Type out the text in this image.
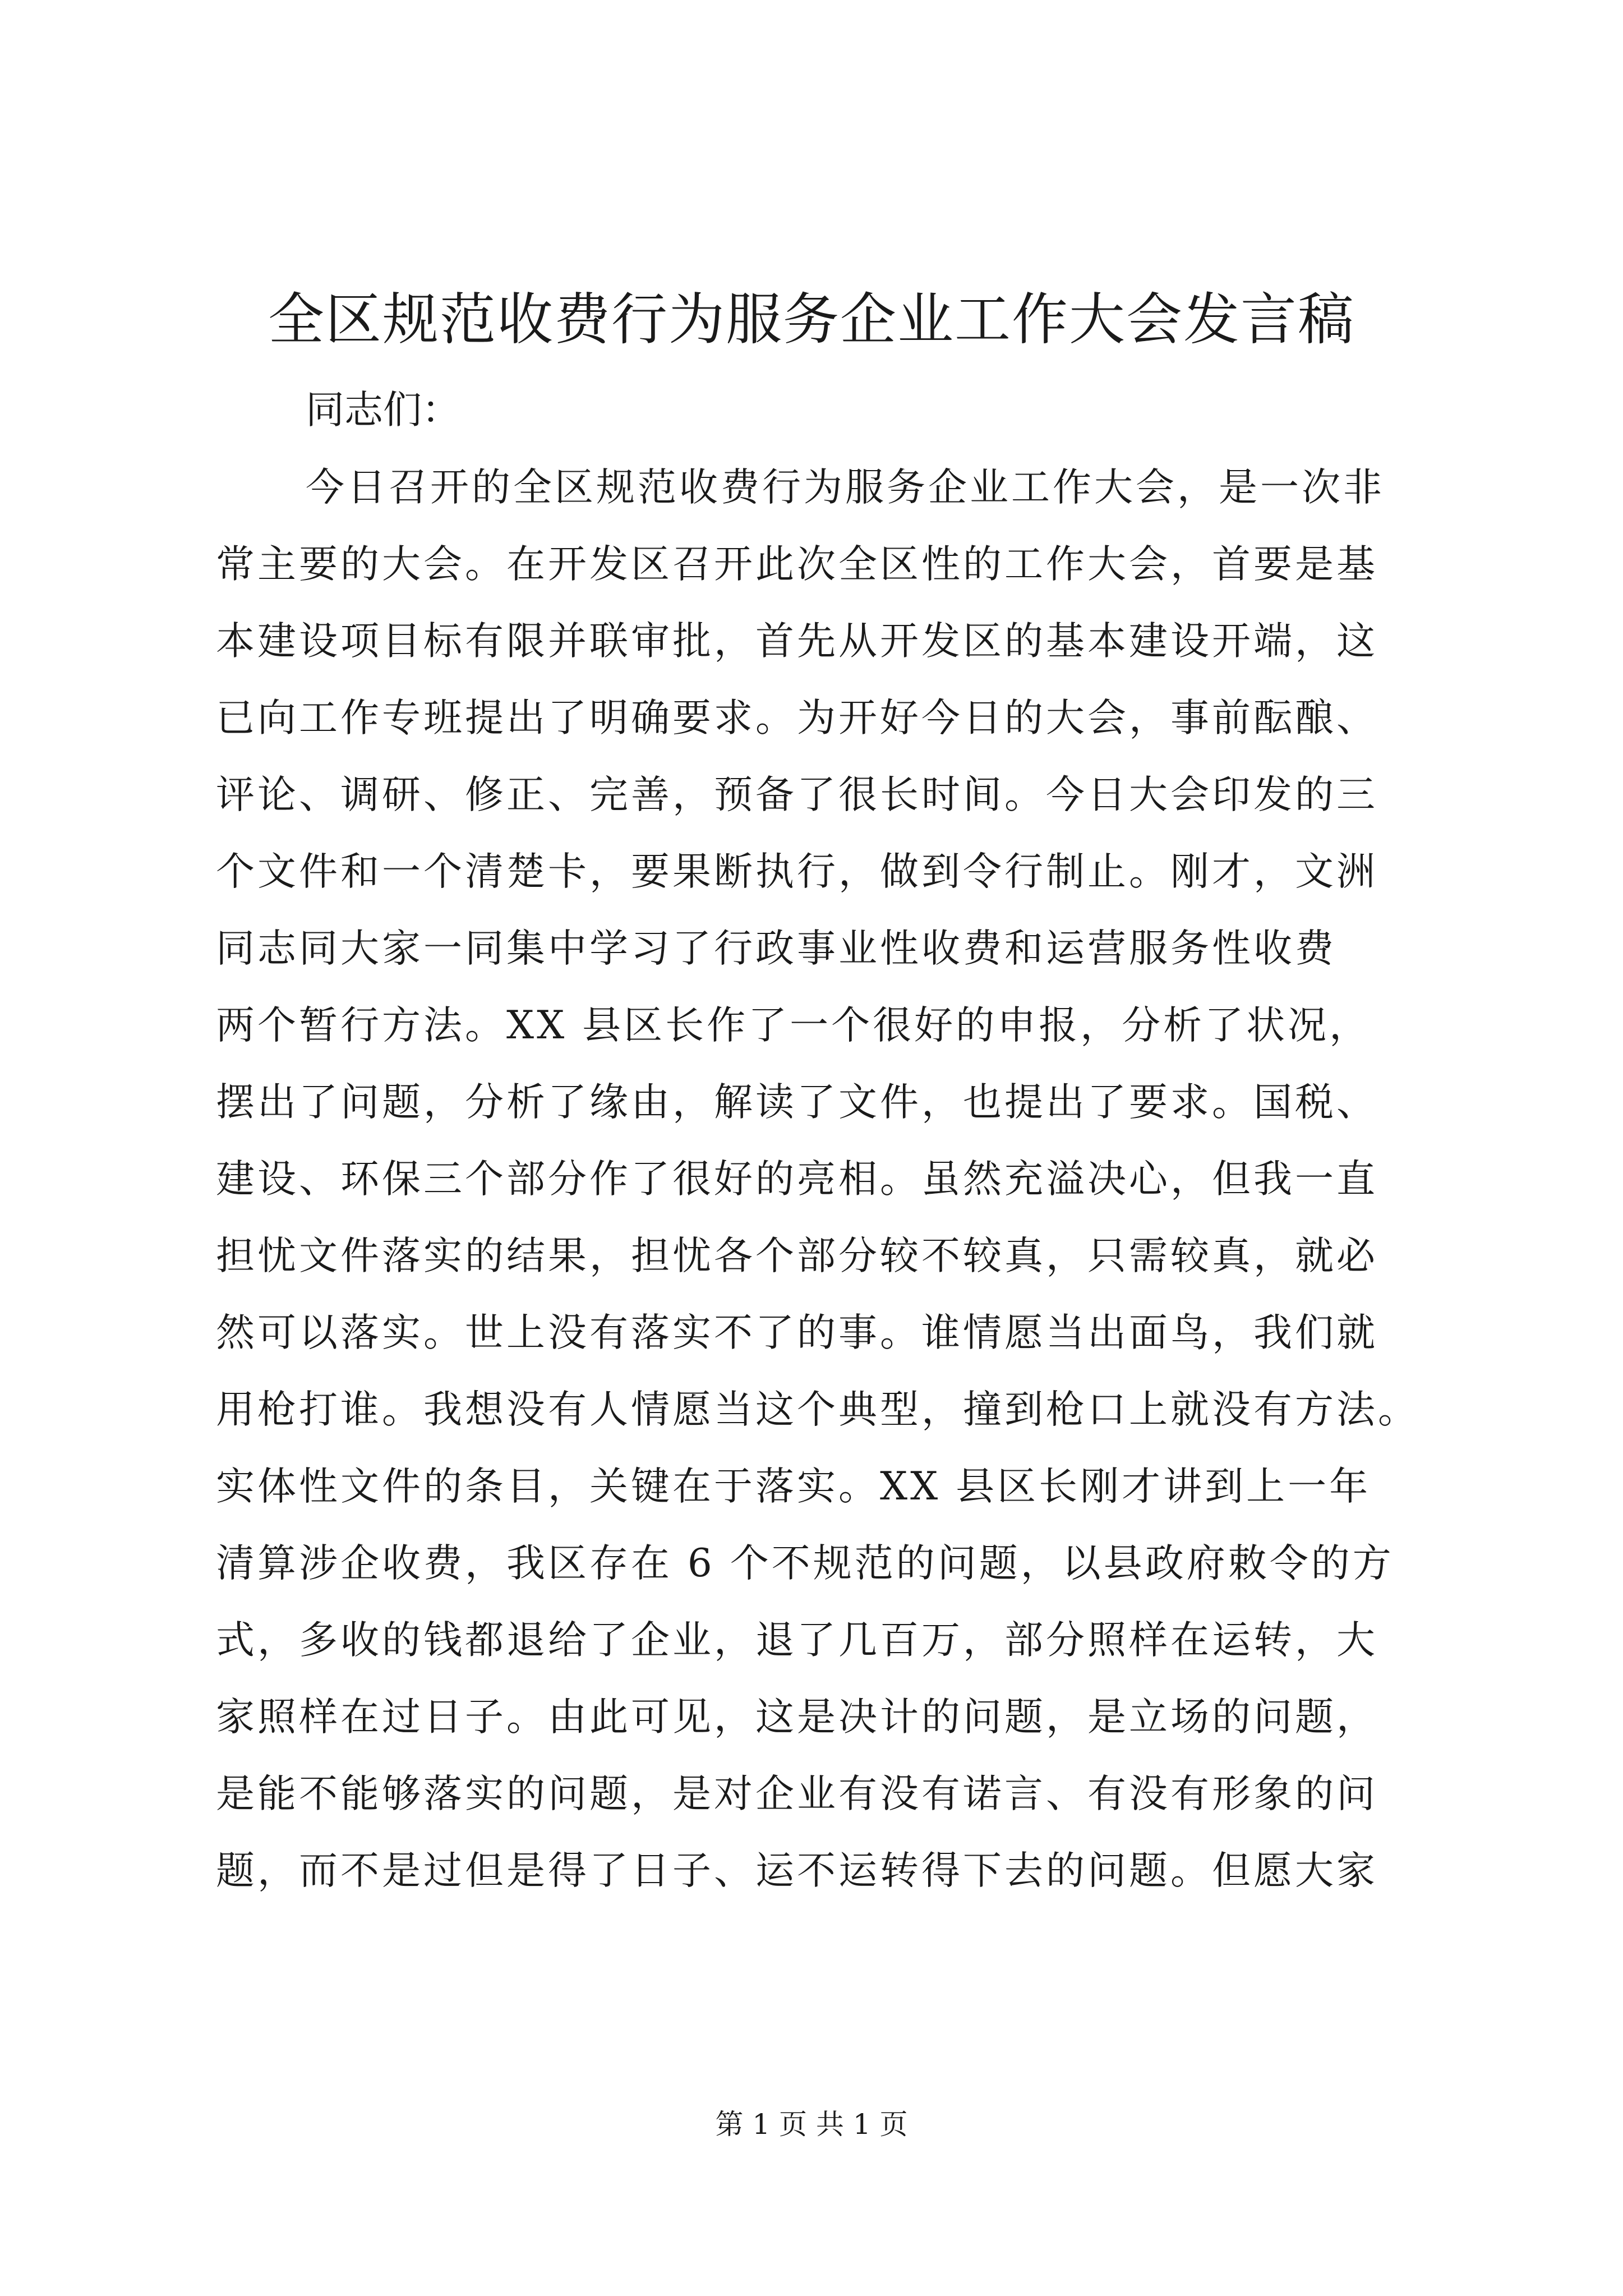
全区规范收费行为服务企业工作大会发言稿

同志们：

今日召开的全区规范收费行为服务企业工作大会，是一次非
常主要的大会。在开发区召开此次全区性的工作大会，首要是基
本建设项目标有限并联审批，首先从开发区的基本建设开端，这
已向工作专班提出了明确要求。为开好今日的大会，事前酝酿、
评论、调研、修正、完善，预备了很长时间。今日大会印发的三
个文件和一个清楚卡，要果断执行，做到令行制止。刚才，文洲
同志同大家一同集中学习了行政事业性收费和运营服务性收费
两个暂行方法。XX 县区长作了一个很好的申报，分析了状况，
摆出了问题，分析了缘由，解读了文件，也提出了要求。国税、
建设、环保三个部分作了很好的亮相。虽然充溢决心，但我一直
担忧文件落实的结果，担忧各个部分较不较真，只需较真，就必
然可以落实。世上没有落实不了的事。谁情愿当出面鸟，我们就
用枪打谁。我想没有人情愿当这个典型，撞到枪口上就没有方法。
实体性文件的条目，关键在于落实。XX 县区长刚才讲到上一年
清算涉企收费，我区存在 6 个不规范的问题，以县政府敕令的方
式，多收的钱都退给了企业，退了几百万，部分照样在运转，大
家照样在过日子。由此可见，这是决计的问题，是立场的问题，
是能不能够落实的问题，是对企业有没有诺言、有没有形象的问
题，而不是过但是得了日子、运不运转得下去的问题。但愿大家
第 1 页 共 1 页
